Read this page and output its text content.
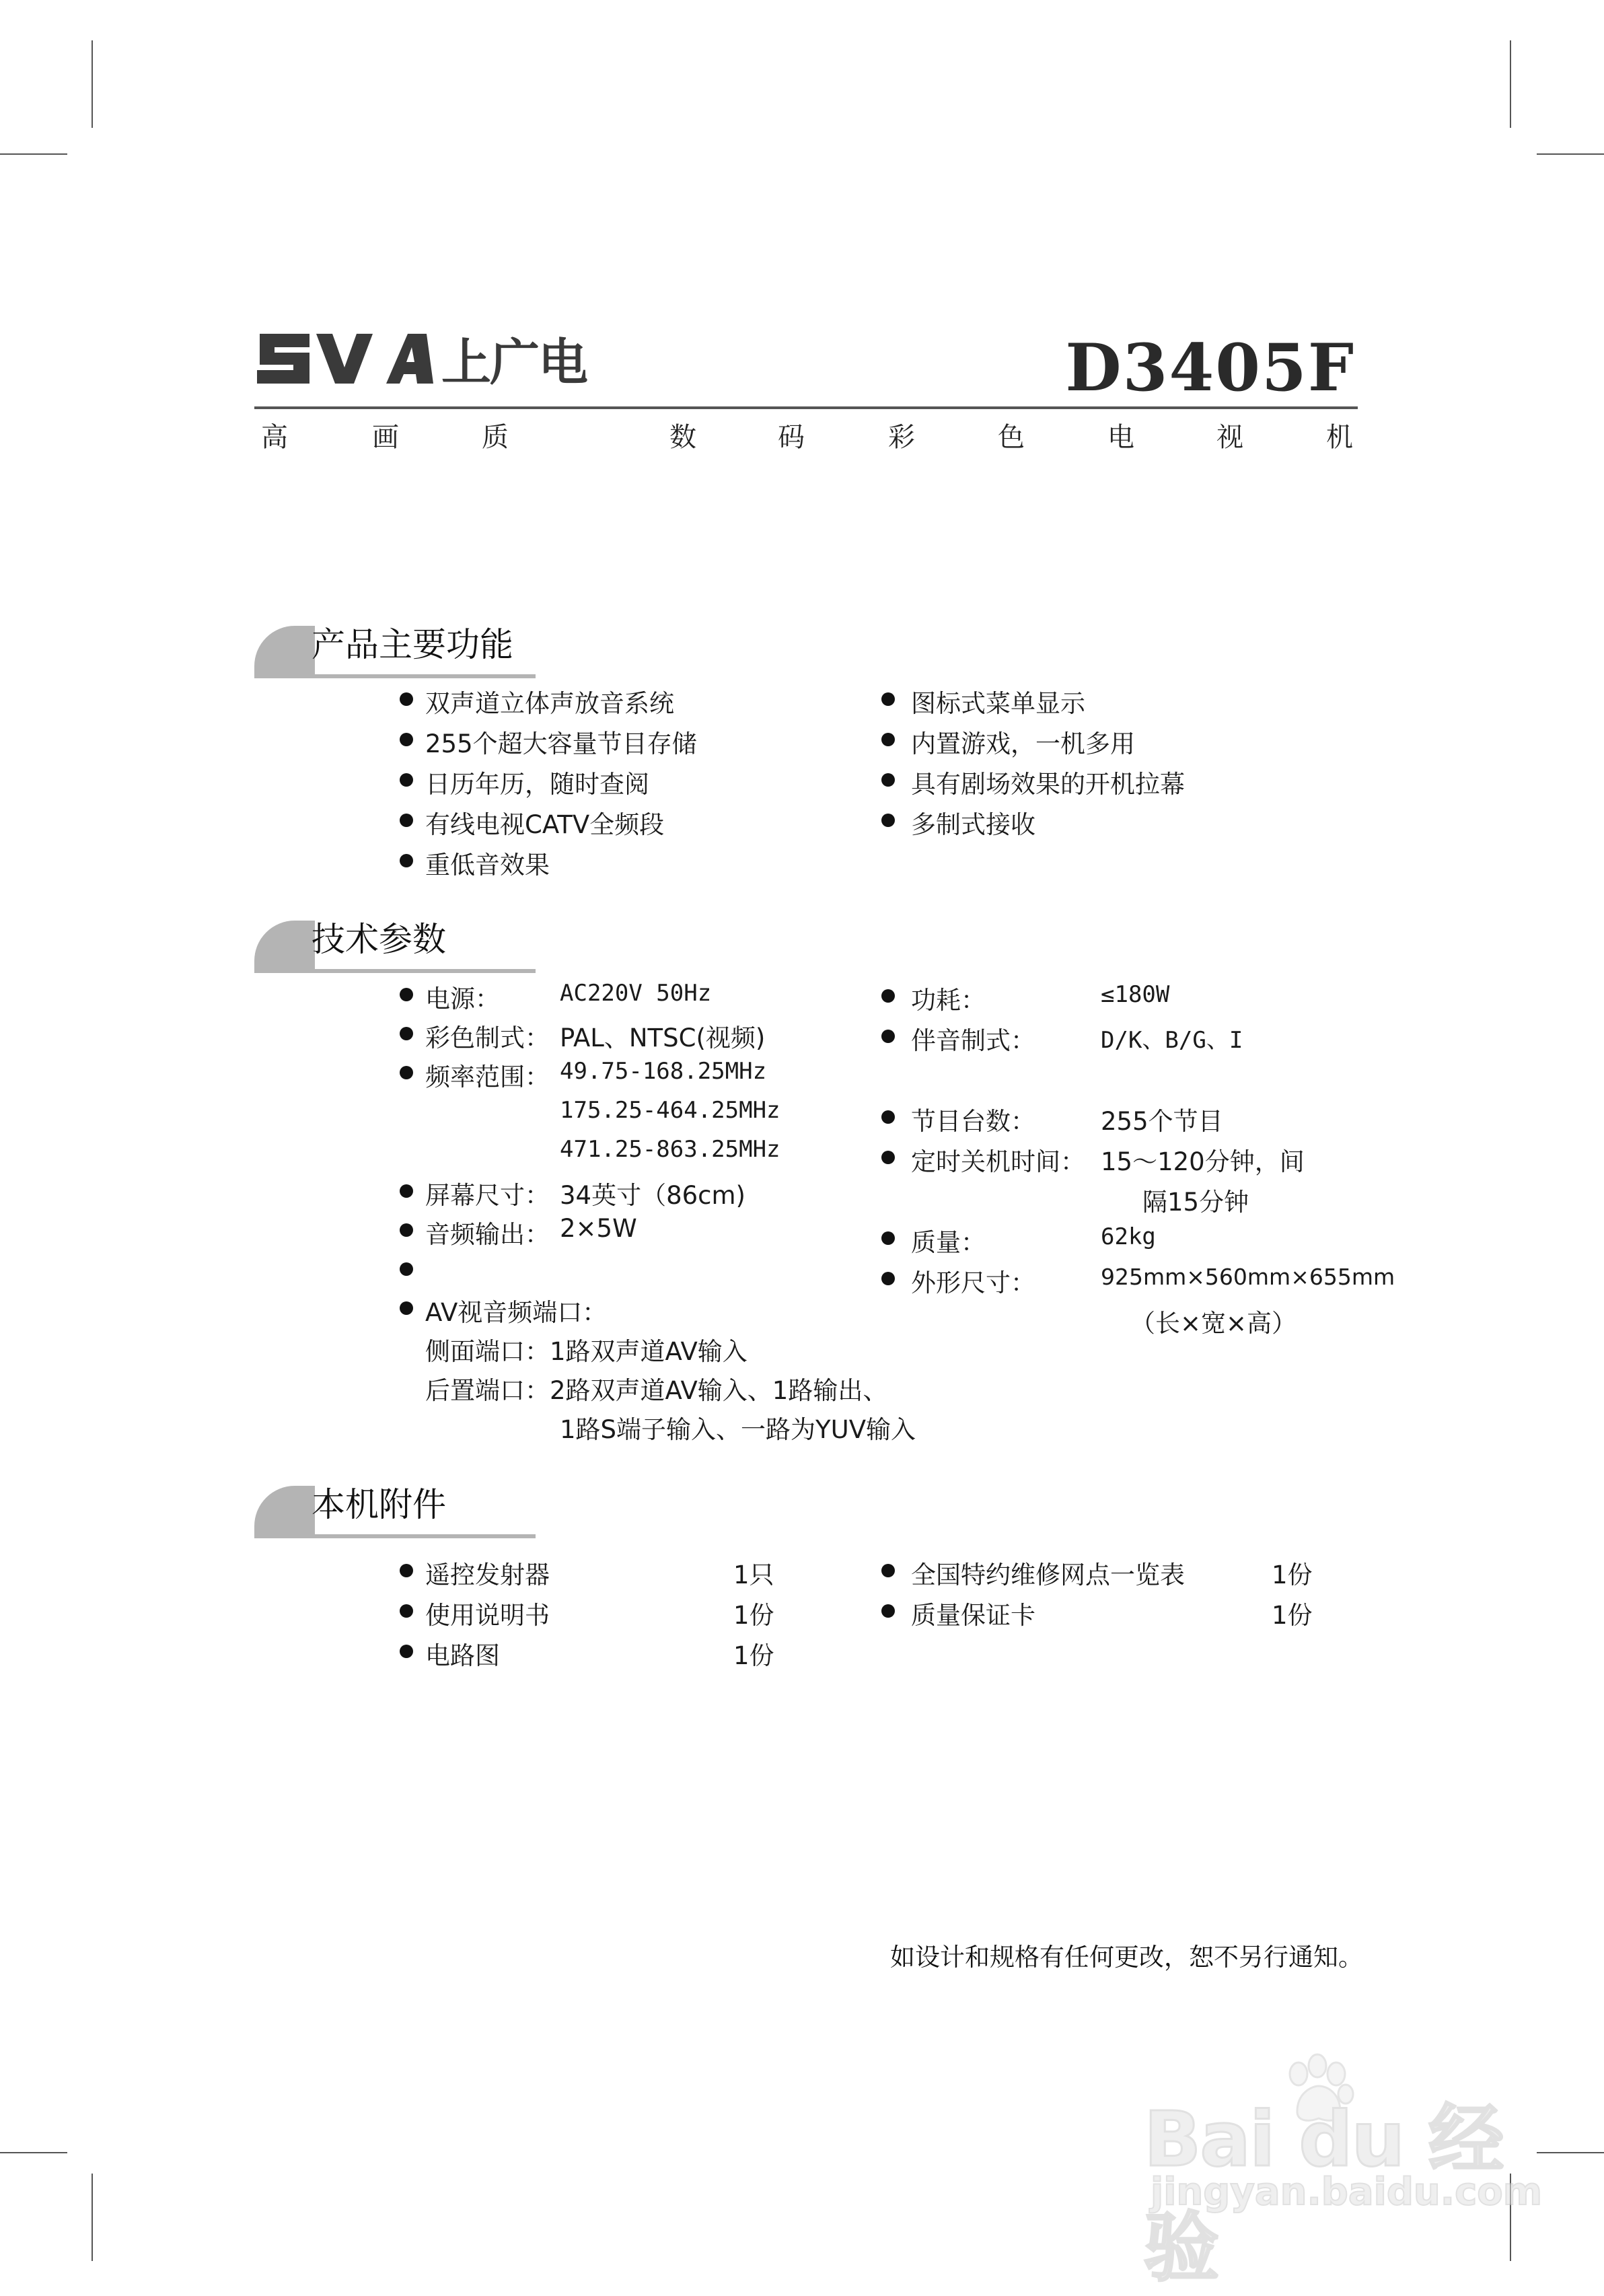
上广电	D3405F
高	画	质	数	码	彩	色	电	视	机
产品主要功能
双声道立体声放音系统
255个超大容量节目存储
日历年历，随时查阅
有线电视CATV全频段
重低音效果
图标式菜单显示
内置游戏，一机多用
具有剧场效果的开机拉幕
多制式接收
技术参数
电源：	AC220V 50Hz
彩色制式： PAL、NTSC(视频)
频率范围： 49.75-168.25MHz
175.25-464.25MHz
471.25-863.25MHz
屏幕尺寸： 34英寸（86cm)
音频输出： 2×5W
AV视音频端口：
侧面端口：1路双声道AV输入
后置端口：2路双声道AV输入、1路输出、
1路S端子输入、一路为YUV输入
功耗：	≤180W
伴音制式：	D/K、B/G、I
节目台数：	255个节目
定时关机时间： 15～120分钟，间
隔15分钟
质量：	62kg
外形尺寸：	925mm×560mm×655mm
（长×宽×高）
本机附件
遥控发射器	1只
使用说明书	1份
电路图	1份
全国特约维修网点一览表	1份
质量保证卡	1份
如设计和规格有任何更改，恕不另行通知。
Bai du 经验
jingyan.baidu.com
